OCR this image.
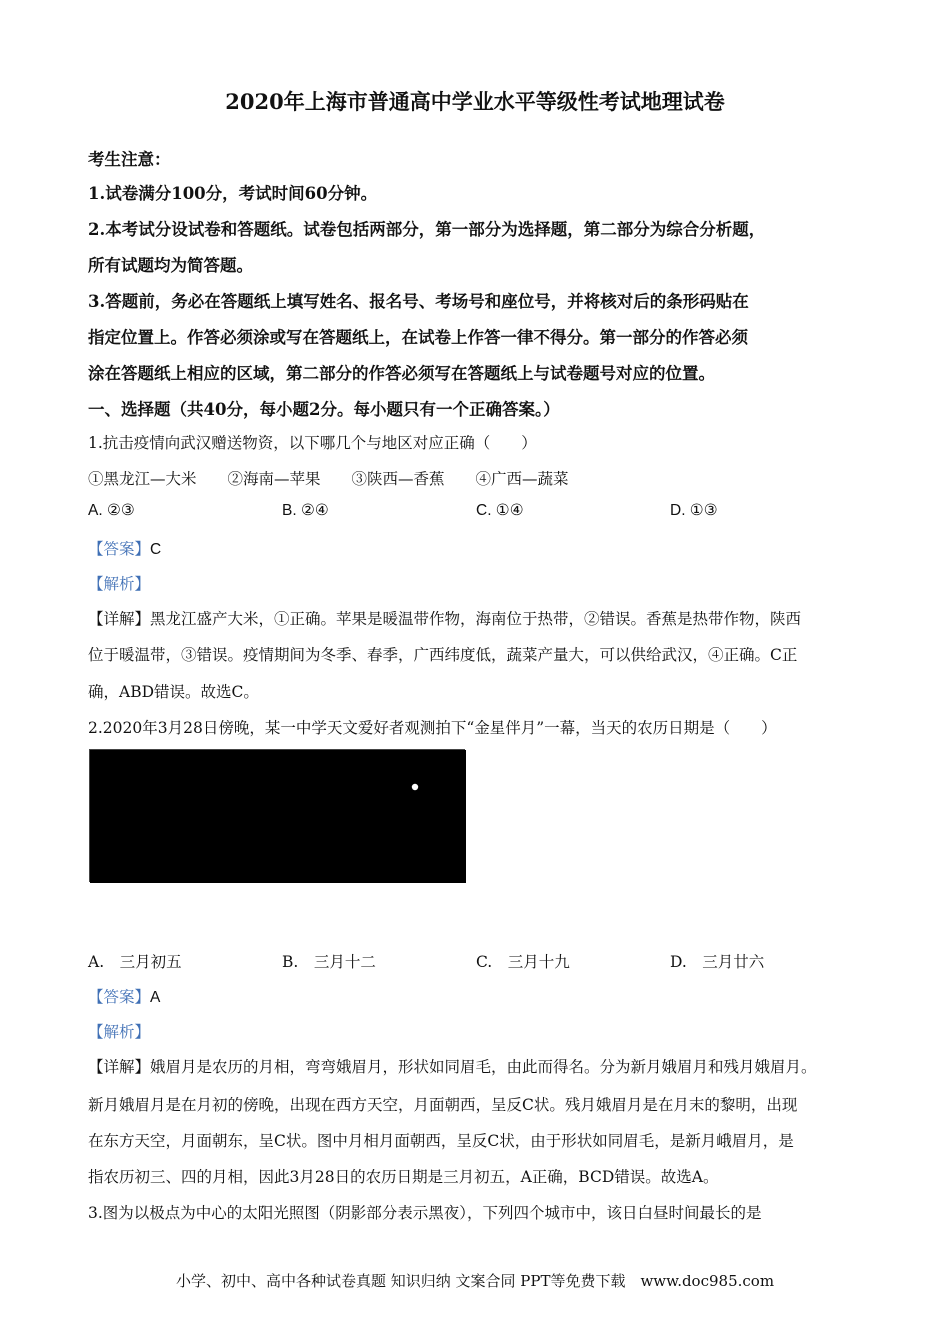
2020年上海市普通高中学业水平等级性考试地理试卷
考生注意：
1.试卷满分100分，考试时间60分钟。
2.本考试分设试卷和答题纸。试卷包括两部分，第一部分为选择题，第二部分为综合分析题，
所有试题均为简答题。
3.答题前，务必在答题纸上填写姓名、报名号、考场号和座位号，并将核对后的条形码贴在
指定位置上。作答必须涂或写在答题纸上，在试卷上作答一律不得分。第一部分的作答必须
涂在答题纸上相应的区域，第二部分的作答必须写在答题纸上与试卷题号对应的位置。
一、选择题（共40分，每小题2分。每小题只有一个正确答案。）
1.抗击疫情向武汉赠送物资，以下哪几个与地区对应正确（　　）
①黑龙江—大米　　②海南—苹果　　③陕西—香蕉　　④广西—蔬菜
A. ②③	B. ②④	C. ①④	D. ①③
【答案】C
【解析】
【详解】黑龙江盛产大米，①正确。苹果是暖温带作物，海南位于热带，②错误。香蕉是热带作物，陕西
位于暖温带，③错误。疫情期间为冬季、春季，广西纬度低，蔬菜产量大，可以供给武汉，④正确。C正
确，ABD错误。故选C。
2.2020年3月28日傍晚，某一中学天文爱好者观测拍下“金星伴月”一幕，当天的农历日期是（　　）
A.　三月初五	B.　三月十二	C.　三月十九	D.　三月廿六
【答案】A
【解析】
【详解】娥眉月是农历的月相，弯弯娥眉月，形状如同眉毛，由此而得名。分为新月娥眉月和残月娥眉月。
新月娥眉月是在月初的傍晚，出现在西方天空，月面朝西，呈反C状。残月娥眉月是在月末的黎明，出现
在东方天空，月面朝东，呈C状。图中月相月面朝西，呈反C状，由于形状如同眉毛，是新月峨眉月，是
指农历初三、四的月相，因此3月28日的农历日期是三月初五，A正确，BCD错误。故选A。
3.图为以极点为中心的太阳光照图（阴影部分表示黑夜），下列四个城市中，该日白昼时间最长的是
小学、初中、高中各种试卷真题 知识归纳 文案合同 PPT等免费下载　www.doc985.com
